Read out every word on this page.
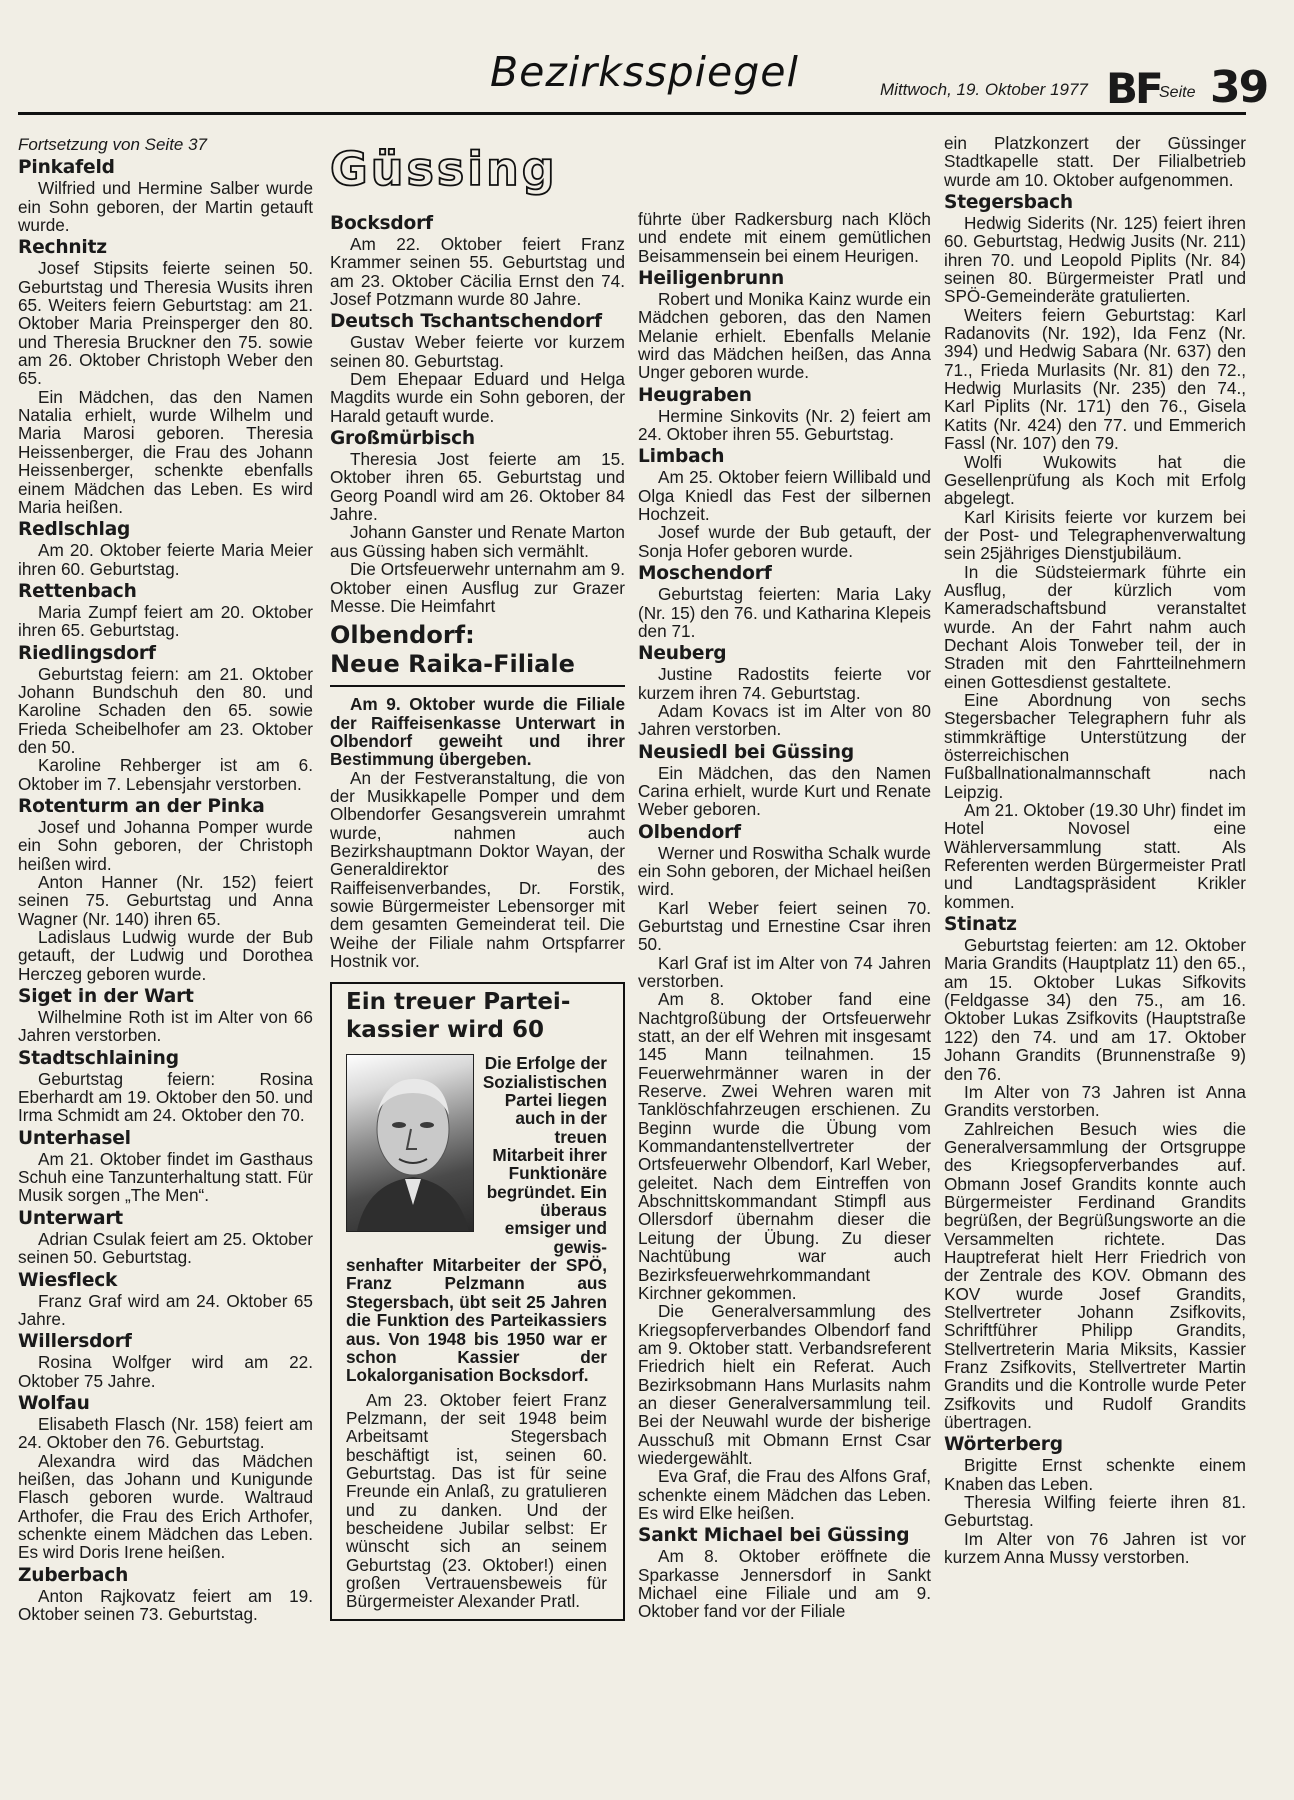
Bezirksspiegel	Mittwoch, 19. Oktober 1977 BF
Seite 39
Fortsetzung von Seite 37
Pinkafeld

Wilfried und Hermine Salber wurde ein Sohn geboren, der Martin getauft wurde.

Rechnitz

Josef Stipsits feierte seinen 50. Geburtstag und Theresia Wusits ihren 65. Weiters feiern Geburtstag: am 21. Oktober Maria Preinsperger den 80. und Theresia Bruckner den 75. sowie am 26. Oktober Christoph Weber den 65.

Ein Mädchen, das den Namen Natalia erhielt, wurde Wilhelm und Maria Marosi geboren. Theresia Heissenberger, die Frau des Johann Heissenberger, schenkte ebenfalls einem Mädchen das Leben. Es wird Maria heißen.

Redlschlag

Am 20. Oktober feierte Maria Meier ihren 60. Geburtstag.

Rettenbach

Maria Zumpf feiert am 20. Oktober ihren 65. Geburtstag.

Riedlingsdorf

Geburtstag feiern: am 21. Oktober Johann Bundschuh den 80. und Karoline Schaden den 65. sowie Frieda Scheibelhofer am 23. Oktober den 50.

Karoline Rehberger ist am 6. Oktober im 7. Lebensjahr verstorben.

Rotenturm an der Pinka

Josef und Johanna Pomper wurde ein Sohn geboren, der Christoph heißen wird.

Anton Hanner (Nr. 152) feiert seinen 75. Geburtstag und Anna Wagner (Nr. 140) ihren 65.

Ladislaus Ludwig wurde der Bub getauft, der Ludwig und Dorothea Herczeg geboren wurde.

Siget in der Wart

Wilhelmine Roth ist im Alter von 66 Jahren verstorben.

Stadtschlaining

Geburtstag feiern: Rosina Eberhardt am 19. Oktober den 50. und Irma Schmidt am 24. Oktober den 70.

Unterhasel

Am 21. Oktober findet im Gasthaus Schuh eine Tanzunterhaltung statt. Für Musik sorgen „The Men“.

Unterwart

Adrian Csulak feiert am 25. Oktober seinen 50. Geburtstag.

Wiesfleck

Franz Graf wird am 24. Oktober 65 Jahre.

Willersdorf

Rosina Wolfger wird am 22. Oktober 75 Jahre.

Wolfau

Elisabeth Flasch (Nr. 158) feiert am 24. Oktober den 76. Geburtstag.

Alexandra wird das Mädchen heißen, das Johann und Kunigunde Flasch geboren wurde. Waltraud Arthofer, die Frau des Erich Arthofer, schenkte einem Mädchen das Leben. Es wird Doris Irene heißen.

Zuberbach

Anton Rajkovatz feiert am 19. Oktober seinen 73. Geburtstag.

Güssing
Bocksdorf

Am 22. Oktober feiert Franz Krammer seinen 55. Geburtstag und am 23. Oktober Cäcilia Ernst den 74. Josef Potzmann wurde 80 Jahre.

Deutsch Tschantschendorf

Gustav Weber feierte vor kurzem seinen 80. Geburtstag.

Dem Ehepaar Eduard und Helga Magdits wurde ein Sohn geboren, der Harald getauft wurde.

Großmürbisch

Theresia Jost feierte am 15. Oktober ihren 65. Geburtstag und Georg Poandl wird am 26. Oktober 84 Jahre.

Johann Ganster und Renate Marton aus Güssing haben sich vermählt.

Die Ortsfeuerwehr unternahm am 9. Oktober einen Ausflug zur Grazer Messe. Die Heimfahrt

Olbendorf:

Neue Raika-Filiale

Am 9. Oktober wurde die Filiale der Raiffeisenkasse Unterwart in Olbendorf geweiht und ihrer Bestimmung übergeben.

An der Festveranstaltung, die von der Musikkapelle Pomper und dem Olbendorfer Gesangsverein umrahmt wurde, nahmen auch Bezirkshauptmann Doktor Wayan, der Generaldirektor des Raiffeisenverbandes, Dr. Forstik, sowie Bürgermeister Lebensorger mit dem gesamten Gemeinderat teil. Die Weihe der Filiale nahm Ortspfarrer Hostnik vor.

Ein treuer Partei-

kassier wird 60

Die Erfolge der Sozialistischen Partei liegen auch in der treuen Mitarbeit ihrer Funktionäre begründet. Ein überaus emsiger und gewis-

senhafter Mitarbeiter der SPÖ, Franz Pelzmann aus Stegersbach, übt seit 25 Jahren die Funktion des Parteikassiers aus. Von 1948 bis 1950 war er schon Kassier der Lokalorganisation Bocksdorf.

Am 23. Oktober feiert Franz Pelzmann, der seit 1948 beim Arbeitsamt Stegersbach beschäftigt ist, seinen 60. Geburtstag. Das ist für seine Freunde ein Anlaß, zu gratulieren und zu danken. Und der bescheidene Jubilar selbst: Er wünscht sich an seinem Geburtstag (23. Oktober!) einen großen Vertrauensbeweis für Bürgermeister Alexander Pratl.

führte über Radkersburg nach Klöch und endete mit einem gemütlichen Beisammensein bei einem Heurigen.

Heiligenbrunn

Robert und Monika Kainz wurde ein Mädchen geboren, das den Namen Melanie erhielt. Ebenfalls Melanie wird das Mädchen heißen, das Anna Unger geboren wurde.

Heugraben

Hermine Sinkovits (Nr. 2) feiert am 24. Oktober ihren 55. Geburtstag.

Limbach

Am 25. Oktober feiern Willibald und Olga Kniedl das Fest der silbernen Hochzeit.

Josef wurde der Bub getauft, der Sonja Hofer geboren wurde.

Moschendorf

Geburtstag feierten: Maria Laky (Nr. 15) den 76. und Katharina Klepeis den 71.

Neuberg

Justine Radostits feierte vor kurzem ihren 74. Geburtstag.

Adam Kovacs ist im Alter von 80 Jahren verstorben.

Neusiedl bei Güssing

Ein Mädchen, das den Namen Carina erhielt, wurde Kurt und Renate Weber geboren.

Olbendorf

Werner und Roswitha Schalk wurde ein Sohn geboren, der Michael heißen wird.

Karl Weber feiert seinen 70. Geburtstag und Ernestine Csar ihren 50.

Karl Graf ist im Alter von 74 Jahren verstorben.

Am 8. Oktober fand eine Nachtgroßübung der Ortsfeuerwehr statt, an der elf Wehren mit insgesamt 145 Mann teilnahmen. 15 Feuerwehrmänner waren in der Reserve. Zwei Wehren waren mit Tanklöschfahrzeugen erschienen. Zu Beginn wurde die Übung vom Kommandantenstellvertreter der Ortsfeuerwehr Olbendorf, Karl Weber, geleitet. Nach dem Eintreffen von Abschnittskommandant Stimpfl aus Ollersdorf übernahm dieser die Leitung der Übung. Zu dieser Nachtübung war auch Bezirksfeuerwehrkommandant Kirchner gekommen.

Die Generalversammlung des Kriegsopferverbandes Olbendorf fand am 9. Oktober statt. Verbandsreferent Friedrich hielt ein Referat. Auch Bezirksobmann Hans Murlasits nahm an dieser Generalversammlung teil. Bei der Neuwahl wurde der bisherige Ausschuß mit Obmann Ernst Csar wiedergewählt.

Eva Graf, die Frau des Alfons Graf, schenkte einem Mädchen das Leben. Es wird Elke heißen.

Sankt Michael bei Güssing

Am 8. Oktober eröffnete die Sparkasse Jennersdorf in Sankt Michael eine Filiale und am 9. Oktober fand vor der Filiale

ein Platzkonzert der Güssinger Stadtkapelle statt. Der Filialbetrieb wurde am 10. Oktober aufgenommen.

Stegersbach

Hedwig Siderits (Nr. 125) feiert ihren 60. Geburtstag, Hedwig Jusits (Nr. 211) ihren 70. und Leopold Piplits (Nr. 84) seinen 80. Bürgermeister Pratl und SPÖ-Gemeinderäte gratulierten.

Weiters feiern Geburtstag: Karl Radanovits (Nr. 192), Ida Fenz (Nr. 394) und Hedwig Sabara (Nr. 637) den 71., Frieda Murlasits (Nr. 81) den 72., Hedwig Murlasits (Nr. 235) den 74., Karl Piplits (Nr. 171) den 76., Gisela Katits (Nr. 424) den 77. und Emmerich Fassl (Nr. 107) den 79.

Wolfi Wukowits hat die Gesellenprüfung als Koch mit Erfolg abgelegt.

Karl Kirisits feierte vor kurzem bei der Post- und Telegraphenverwaltung sein 25jähriges Dienstjubiläum.

In die Südsteiermark führte ein Ausflug, der kürzlich vom Kameradschaftsbund veranstaltet wurde. An der Fahrt nahm auch Dechant Alois Tonweber teil, der in Straden mit den Fahrtteilnehmern einen Gottesdienst gestaltete.

Eine Abordnung von sechs Stegersbacher Telegraphern fuhr als stimmkräftige Unterstützung der österreichischen Fußballnationalmannschaft nach Leipzig.

Am 21. Oktober (19.30 Uhr) findet im Hotel Novosel eine Wählerversammlung statt. Als Referenten werden Bürgermeister Pratl und Landtagspräsident Krikler kommen.

Stinatz

Geburtstag feierten: am 12. Oktober Maria Grandits (Hauptplatz 11) den 65., am 15. Oktober Lukas Sifkovits (Feldgasse 34) den 75., am 16. Oktober Lukas Zsifkovits (Hauptstraße 122) den 74. und am 17. Oktober Johann Grandits (Brunnenstraße 9) den 76.

Im Alter von 73 Jahren ist Anna Grandits verstorben.

Zahlreichen Besuch wies die Generalversammlung der Ortsgruppe des Kriegsopferverbandes auf. Obmann Josef Grandits konnte auch Bürgermeister Ferdinand Grandits begrüßen, der Begrüßungsworte an die Versammelten richtete. Das Hauptreferat hielt Herr Friedrich von der Zentrale des KOV. Obmann des KOV wurde Josef Grandits, Stellvertreter Johann Zsifkovits, Schriftführer Philipp Grandits, Stellvertreterin Maria Miksits, Kassier Franz Zsifkovits, Stellvertreter Martin Grandits und die Kontrolle wurde Peter Zsifkovits und Rudolf Grandits übertragen.

Wörterberg

Brigitte Ernst schenkte einem Knaben das Leben.

Theresia Wilfing feierte ihren 81. Geburtstag.

Im Alter von 76 Jahren ist vor kurzem Anna Mussy verstorben.
